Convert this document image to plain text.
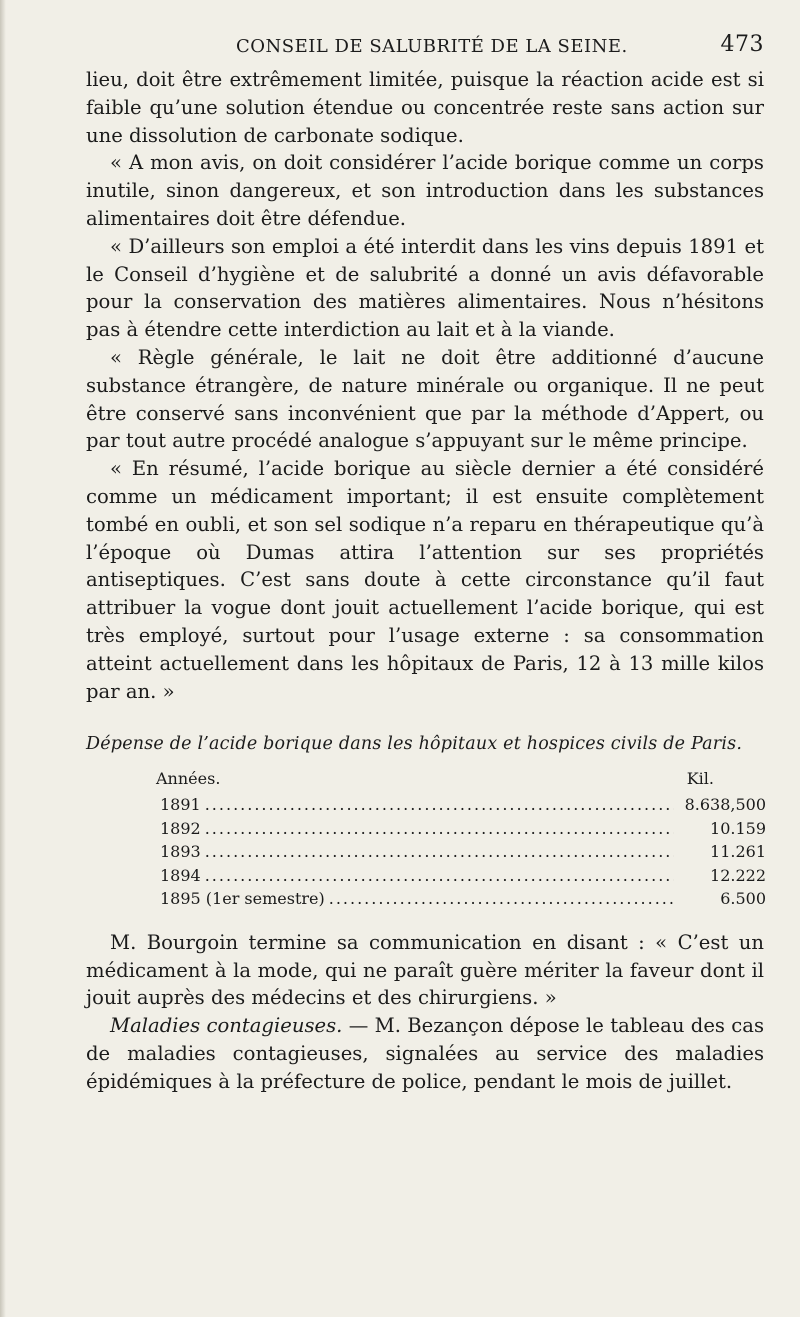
CONSEIL DE SALUBRITÉ DE LA SEINE.	473

lieu, doit être extrêmement limitée, puisque la réaction acide est si faible qu’une solution étendue ou concentrée reste sans action sur une dissolution de carbonate sodique.

« A mon avis, on doit considérer l’acide borique comme un corps inutile, sinon dangereux, et son introduction dans les substances alimentaires doit être défendue.

« D’ailleurs son emploi a été interdit dans les vins depuis 1891 et le Conseil d’hygiène et de salubrité a donné un avis défavorable pour la conservation des matières alimentaires. Nous n’hésitons pas à étendre cette interdiction au lait et à la viande.

« Règle générale, le lait ne doit être additionné d’aucune substance étrangère, de nature minérale ou organique. Il ne peut être conservé sans inconvénient que par la méthode d’Appert, ou par tout autre procédé analogue s’appuyant sur le même principe.

« En résumé, l’acide borique au siècle dernier a été considéré comme un médicament important; il est ensuite complètement tombé en oubli, et son sel sodique n’a reparu en thérapeutique qu’à l’époque où Dumas attira l’attention sur ses propriétés antiseptiques. C’est sans doute à cette circonstance qu’il faut attribuer la vogue dont jouit actuellement l’acide borique, qui est très employé, surtout pour l’usage externe : sa consommation atteint actuellement dans les hôpitaux de Paris, 12 à 13 mille kilos par an. »

Dépense de l’acide borique dans les hôpitaux et hospices civils de Paris.
Années.	Kil.
1891 .....	8.638,500
1892 .....	10.159
1893 .....	11.261
1894 .....	12.222
1895 (1er semestre) .....	6.500

M. Bourgoin termine sa communication en disant : « C’est un médicament à la mode, qui ne paraît guère mériter la faveur dont il jouit auprès des médecins et des chirurgiens. »

Maladies contagieuses. — M. Bezançon dépose le tableau des cas de maladies contagieuses, signalées au service des maladies épidémiques à la préfecture de police, pendant le mois de juillet.
